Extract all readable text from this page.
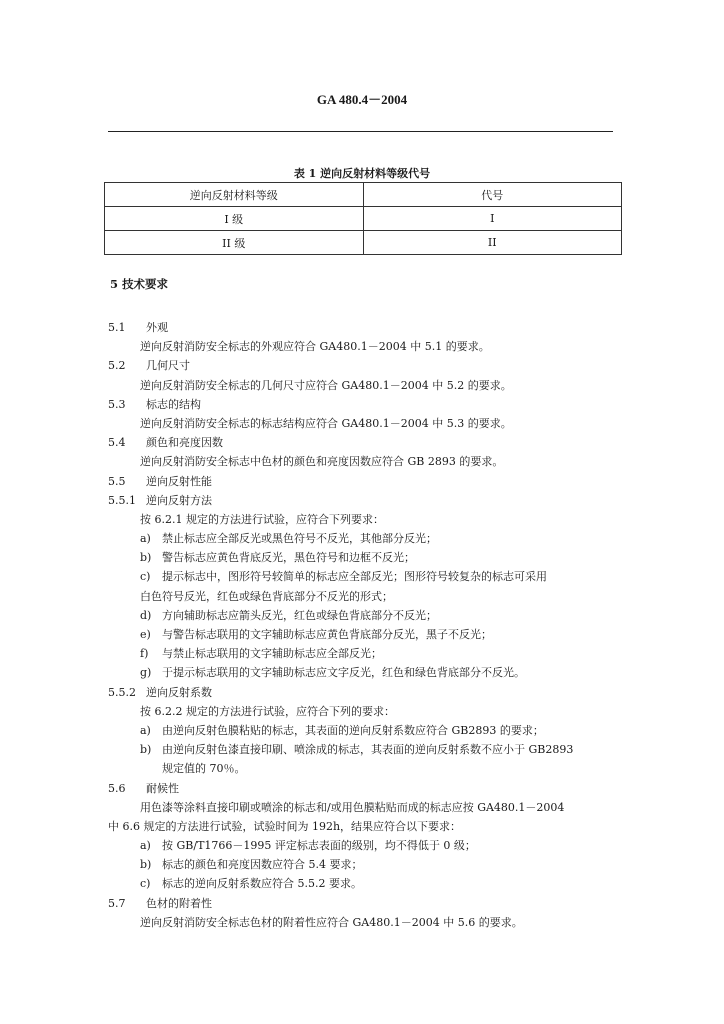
GA 480.4－2004
表 1 逆向反射材料等级代号
逆向反射材料等级	代号
I 级	I
II 级	II
5 技术要求
5.1 外观
逆向反射消防安全标志的外观应符合 GA480.1－2004 中 5.1 的要求。
5.2 几何尺寸
逆向反射消防安全标志的几何尺寸应符合 GA480.1－2004 中 5.2 的要求。
5.3 标志的结构
逆向反射消防安全标志的标志结构应符合 GA480.1－2004 中 5.3 的要求。
5.4 颜色和亮度因数
逆向反射消防安全标志中色材的颜色和亮度因数应符合 GB 2893 的要求。
5.5 逆向反射性能
5.5.1 逆向反射方法
按 6.2.1 规定的方法进行试验，应符合下列要求：
a) 禁止标志应全部反光或黑色符号不反光，其他部分反光；
b) 警告标志应黄色背底反光，黑色符号和边框不反光；
c) 提示标志中，图形符号较简单的标志应全部反光；图形符号较复杂的标志可采用
白色符号反光，红色或绿色背底部分不反光的形式；
d) 方向辅助标志应箭头反光，红色或绿色背底部分不反光；
e) 与警告标志联用的文字辅助标志应黄色背底部分反光，黑子不反光；
f) 与禁止标志联用的文字辅助标志应全部反光；
g) 于提示标志联用的文字辅助标志应文字反光，红色和绿色背底部分不反光。
5.5.2 逆向反射系数
按 6.2.2 规定的方法进行试验，应符合下列的要求：
a) 由逆向反射色膜粘贴的标志，其表面的逆向反射系数应符合 GB2893 的要求；
b) 由逆向反射色漆直接印刷、喷涂成的标志，其表面的逆向反射系数不应小于 GB2893
规定值的 70％。
5.6 耐候性
用色漆等涂料直接印刷或喷涂的标志和/或用色膜粘贴而成的标志应按 GA480.1－2004
中 6.6 规定的方法进行试验，试验时间为 192h，结果应符合以下要求：
a) 按 GB/T1766－1995 评定标志表面的级别，均不得低于 0 级；
b) 标志的颜色和亮度因数应符合 5.4 要求；
c) 标志的逆向反射系数应符合 5.5.2 要求。
5.7 色材的附着性
逆向反射消防安全标志色材的附着性应符合 GA480.1－2004 中 5.6 的要求。
